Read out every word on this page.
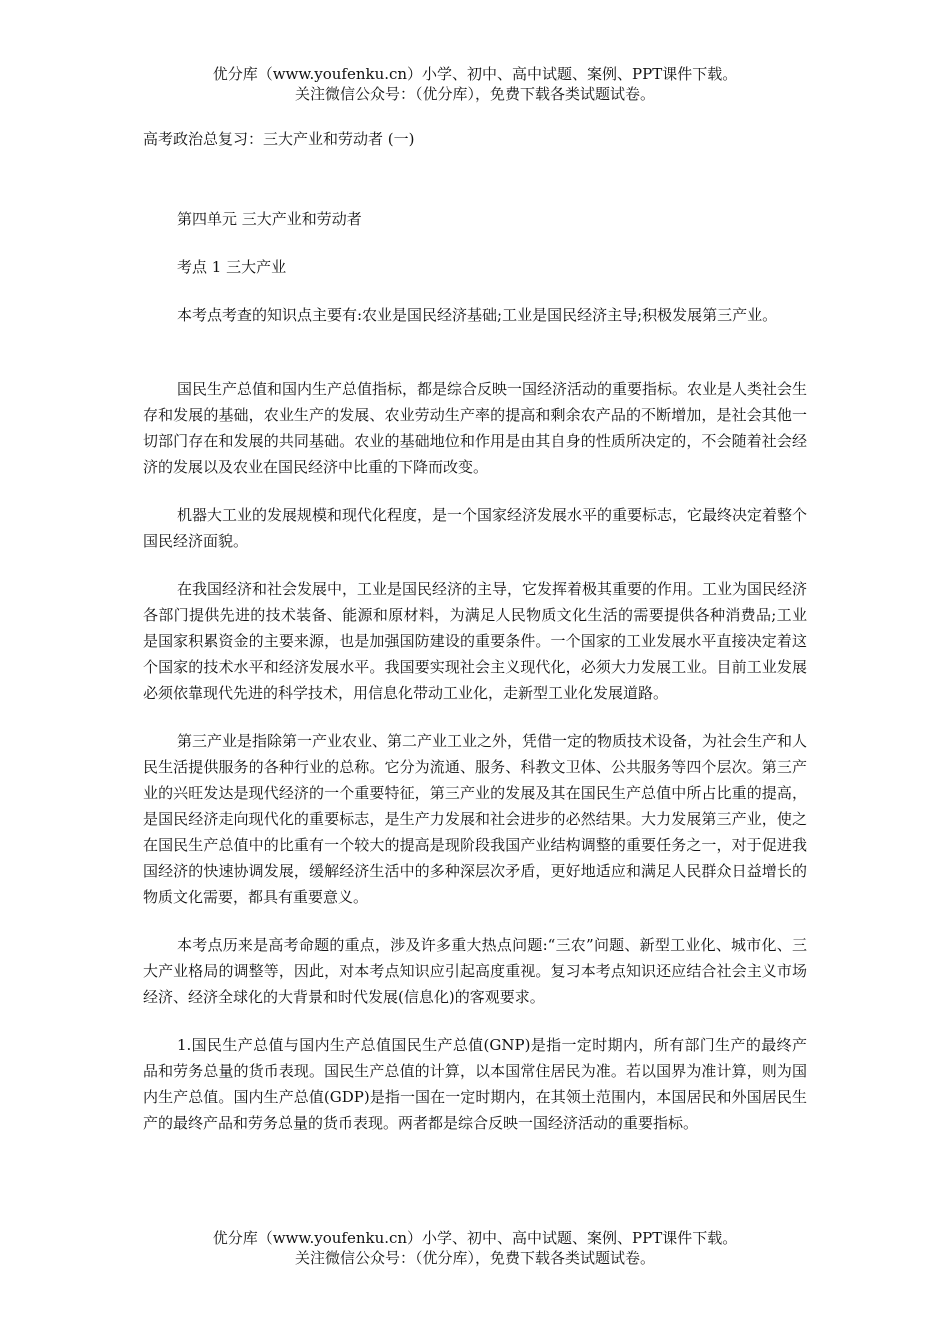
优分库（www.youfenku.cn）小学、初中、高中试题、案例、PPT课件下载。
关注微信公众号：（优分库），免费下载各类试题试卷。

高考政治总复习：三大产业和劳动者 (一)

第四单元 三大产业和劳动者

考点 1 三大产业

本考点考查的知识点主要有:农业是国民经济基础;工业是国民经济主导;积极发展第三产业。

国民生产总值和国内生产总值指标，都是综合反映一国经济活动的重要指标。农业是人类社会生存和发展的基础，农业生产的发展、农业劳动生产率的提高和剩余农产品的不断增加，是社会其他一切部门存在和发展的共同基础。农业的基础地位和作用是由其自身的性质所决定的，不会随着社会经济的发展以及农业在国民经济中比重的下降而改变。

机器大工业的发展规模和现代化程度，是一个国家经济发展水平的重要标志，它最终决定着整个国民经济面貌。

在我国经济和社会发展中，工业是国民经济的主导，它发挥着极其重要的作用。工业为国民经济各部门提供先进的技术装备、能源和原材料，为满足人民物质文化生活的需要提供各种消费品;工业是国家积累资金的主要来源，也是加强国防建设的重要条件。一个国家的工业发展水平直接决定着这个国家的技术水平和经济发展水平。我国要实现社会主义现代化，必须大力发展工业。目前工业发展必须依靠现代先进的科学技术，用信息化带动工业化，走新型工业化发展道路。

第三产业是指除第一产业农业、第二产业工业之外，凭借一定的物质技术设备，为社会生产和人民生活提供服务的各种行业的总称。它分为流通、服务、科教文卫体、公共服务等四个层次。第三产业的兴旺发达是现代经济的一个重要特征，第三产业的发展及其在国民生产总值中所占比重的提高，是国民经济走向现代化的重要标志，是生产力发展和社会进步的必然结果。大力发展第三产业，使之在国民生产总值中的比重有一个较大的提高是现阶段我国产业结构调整的重要任务之一，对于促进我国经济的快速协调发展，缓解经济生活中的多种深层次矛盾，更好地适应和满足人民群众日益增长的物质文化需要，都具有重要意义。

本考点历来是高考命题的重点，涉及许多重大热点问题:“三农”问题、新型工业化、城市化、三大产业格局的调整等，因此，对本考点知识应引起高度重视。复习本考点知识还应结合社会主义市场经济、经济全球化的大背景和时代发展(信息化)的客观要求。

1.国民生产总值与国内生产总值国民生产总值(GNP)是指一定时期内，所有部门生产的最终产品和劳务总量的货币表现。国民生产总值的计算，以本国常住居民为准。若以国界为准计算，则为国内生产总值。国内生产总值(GDP)是指一国在一定时期内，在其领土范围内，本国居民和外国居民生产的最终产品和劳务总量的货币表现。两者都是综合反映一国经济活动的重要指标。

优分库（www.youfenku.cn）小学、初中、高中试题、案例、PPT课件下载。
关注微信公众号：（优分库），免费下载各类试题试卷。
